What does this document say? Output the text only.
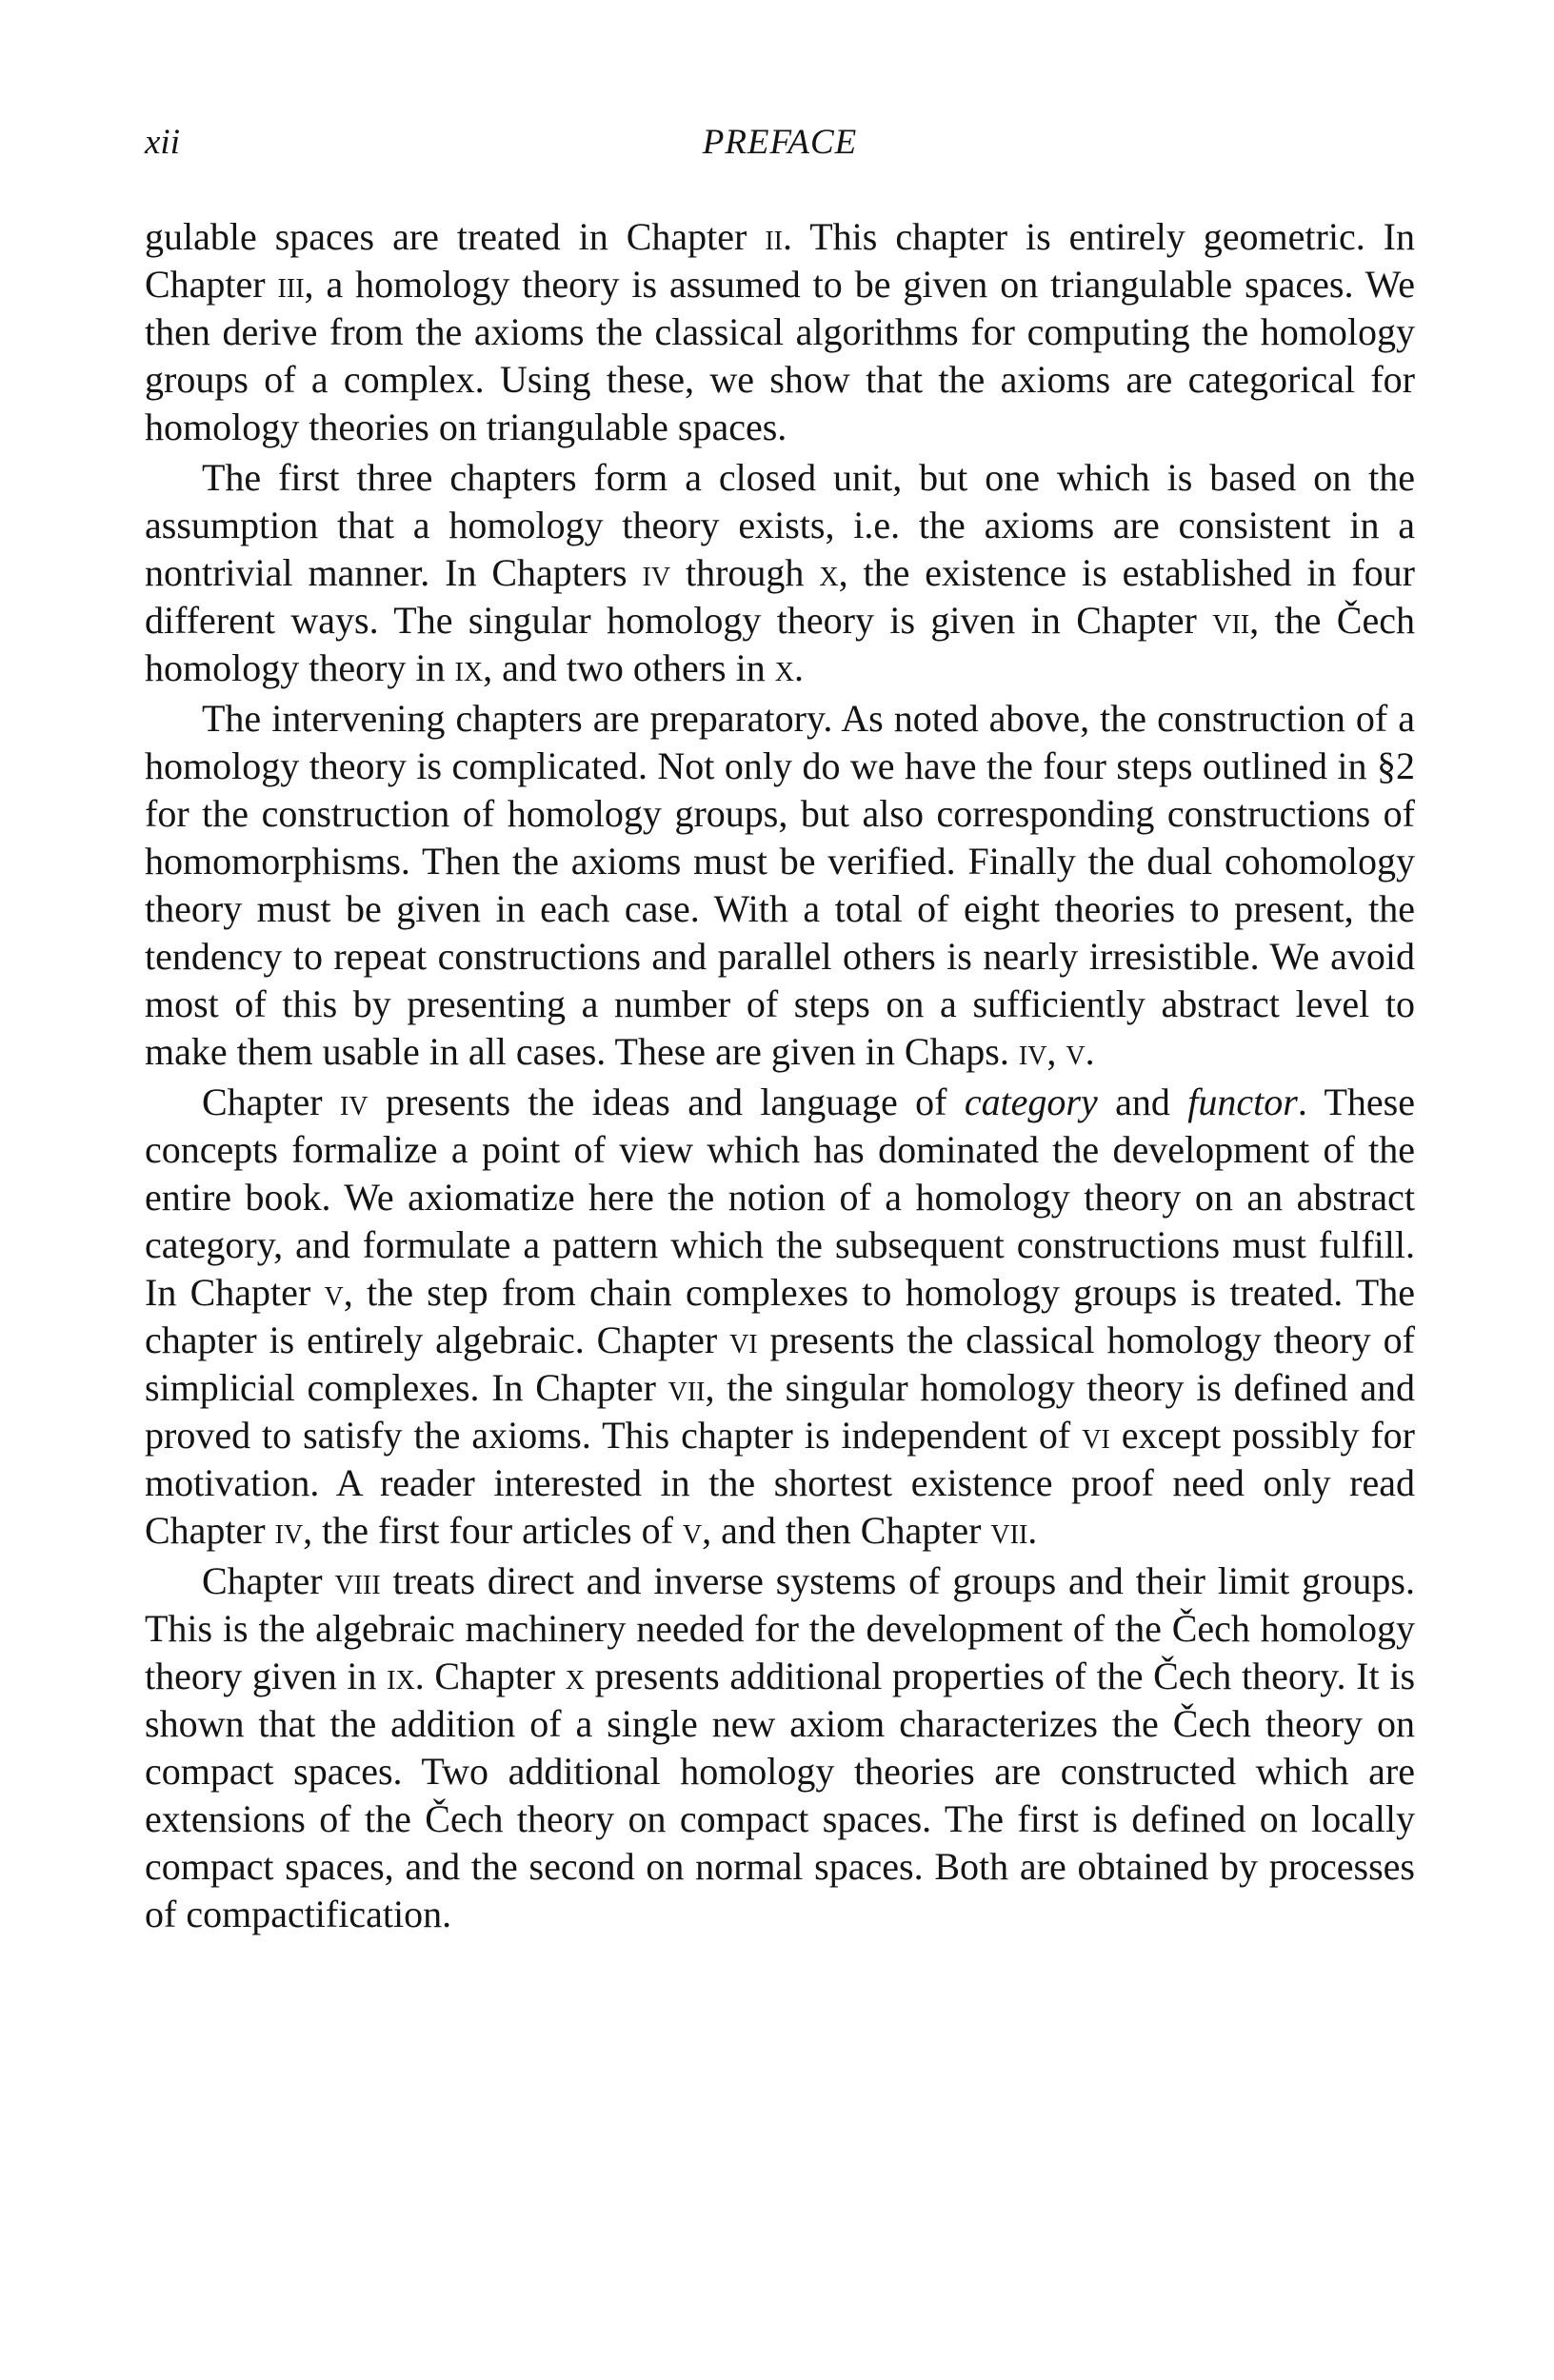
xii	PREFACE

gulable spaces are treated in Chapter ii. This chapter is entirely geometric. In Chapter iii, a homology theory is assumed to be given on triangulable spaces. We then derive from the axioms the classical algorithms for computing the homology groups of a complex. Using these, we show that the axioms are categorical for homology theories on triangulable spaces.

The first three chapters form a closed unit, but one which is based on the assumption that a homology theory exists, i.e. the axioms are consistent in a nontrivial manner. In Chapters iv through x, the existence is established in four different ways. The singular homology theory is given in Chapter vii, the Čech homology theory in ix, and two others in x.

The intervening chapters are preparatory. As noted above, the construction of a homology theory is complicated. Not only do we have the four steps outlined in §2 for the construction of homology groups, but also corresponding constructions of homomorphisms. Then the axioms must be verified. Finally the dual cohomology theory must be given in each case. With a total of eight theories to present, the tendency to repeat constructions and parallel others is nearly irresistible. We avoid most of this by presenting a number of steps on a sufficiently abstract level to make them usable in all cases. These are given in Chaps. iv, v.

Chapter iv presents the ideas and language of category and functor. These concepts formalize a point of view which has dominated the development of the entire book. We axiomatize here the notion of a homology theory on an abstract category, and formulate a pattern which the subsequent constructions must fulfill. In Chapter v, the step from chain complexes to homology groups is treated. The chapter is entirely algebraic. Chapter vi presents the classical homology theory of simplicial complexes. In Chapter vii, the singular homology theory is defined and proved to satisfy the axioms. This chapter is independent of vi except possibly for motivation. A reader interested in the shortest existence proof need only read Chapter iv, the first four articles of v, and then Chapter vii.

Chapter viii treats direct and inverse systems of groups and their limit groups. This is the algebraic machinery needed for the development of the Čech homology theory given in ix. Chapter x presents additional properties of the Čech theory. It is shown that the addition of a single new axiom characterizes the Čech theory on compact spaces. Two additional homology theories are constructed which are extensions of the Čech theory on compact spaces. The first is defined on locally compact spaces, and the second on normal spaces. Both are obtained by processes of compactification.
